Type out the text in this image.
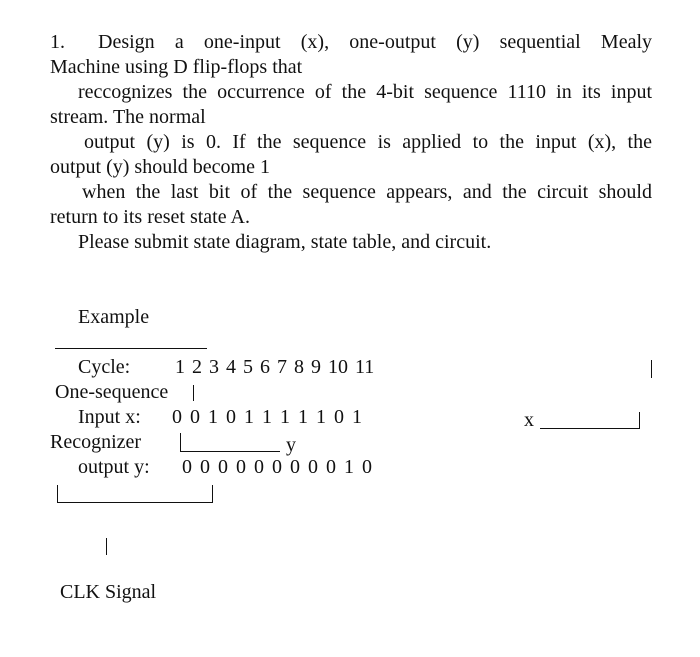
1. Design a one-input (x), one-output (y) sequential Mealy
Machine using D flip-flops that
reccognizes the occurrence of the 4-bit sequence 1110 in its input
stream. The normal
output (y) is 0. If the sequence is applied to the input (x), the
output (y) should become 1
when the last bit of the sequence appears, and the circuit should
return to its reset state A.
Please submit state diagram, state table, and circuit.
Example
Cycle: 1 2 3 4 5 6 7 8 9 10 11
One-sequence
Input x: 0 0 1 0 1 1 1 1 1 0 1	x
Recognizer	y
output y: 0 0 0 0 0 0 0 0 0 1 0
CLK Signal
